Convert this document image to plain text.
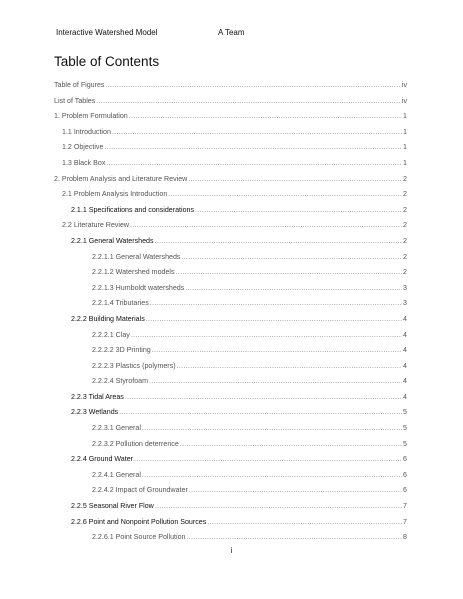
Interactive Watershed Model	A Team
Table of Contents
Table of Figures .....	iv
List of Tables .....	iv
1. Problem Formulation .....	1
1.1 Introduction .....	1
1.2 Objective .....	1
1.3 Black Box .....	1
2. Problem Analysis and Literature Review .....	2
2.1 Problem Analysis Introduction .....	2
2.1.1 Specifications and considerations .....	2
2.2 Literature Review .....	2
2.2.1 General Watersheds .....	2
2.2.1.1 General Watersheds .....	2
2.2.1.2 Watershed models .....	2
2.2.1.3 Humboldt watersheds .....	3
2.2.1.4 Tributaries .....	3
2.2.2 Building Materials .....	4
2.2.2.1 Clay .....	4
2.2.2.2 3D Printing .....	4
2.2.2.3 Plastics (polymers) .....	4
2.2.2.4 Styrofoam .....	4
2.2.3 Tidal Areas .....	4
2.2.3 Wetlands .....	5
2.2.3.1 General .....	5
2.2.3.2 Pollution deterrence .....	5
2.2.4 Ground Water .....	6
2.2.4.1 General .....	6
2.2.4.2 Impact of Groundwater .....	6
2.2.5 Seasonal River Flow .....	7
2.2.6 Point and Nonpoint Pollution Sources .....	7
2.2.6.1 Point Source Pollution .....	8
i
